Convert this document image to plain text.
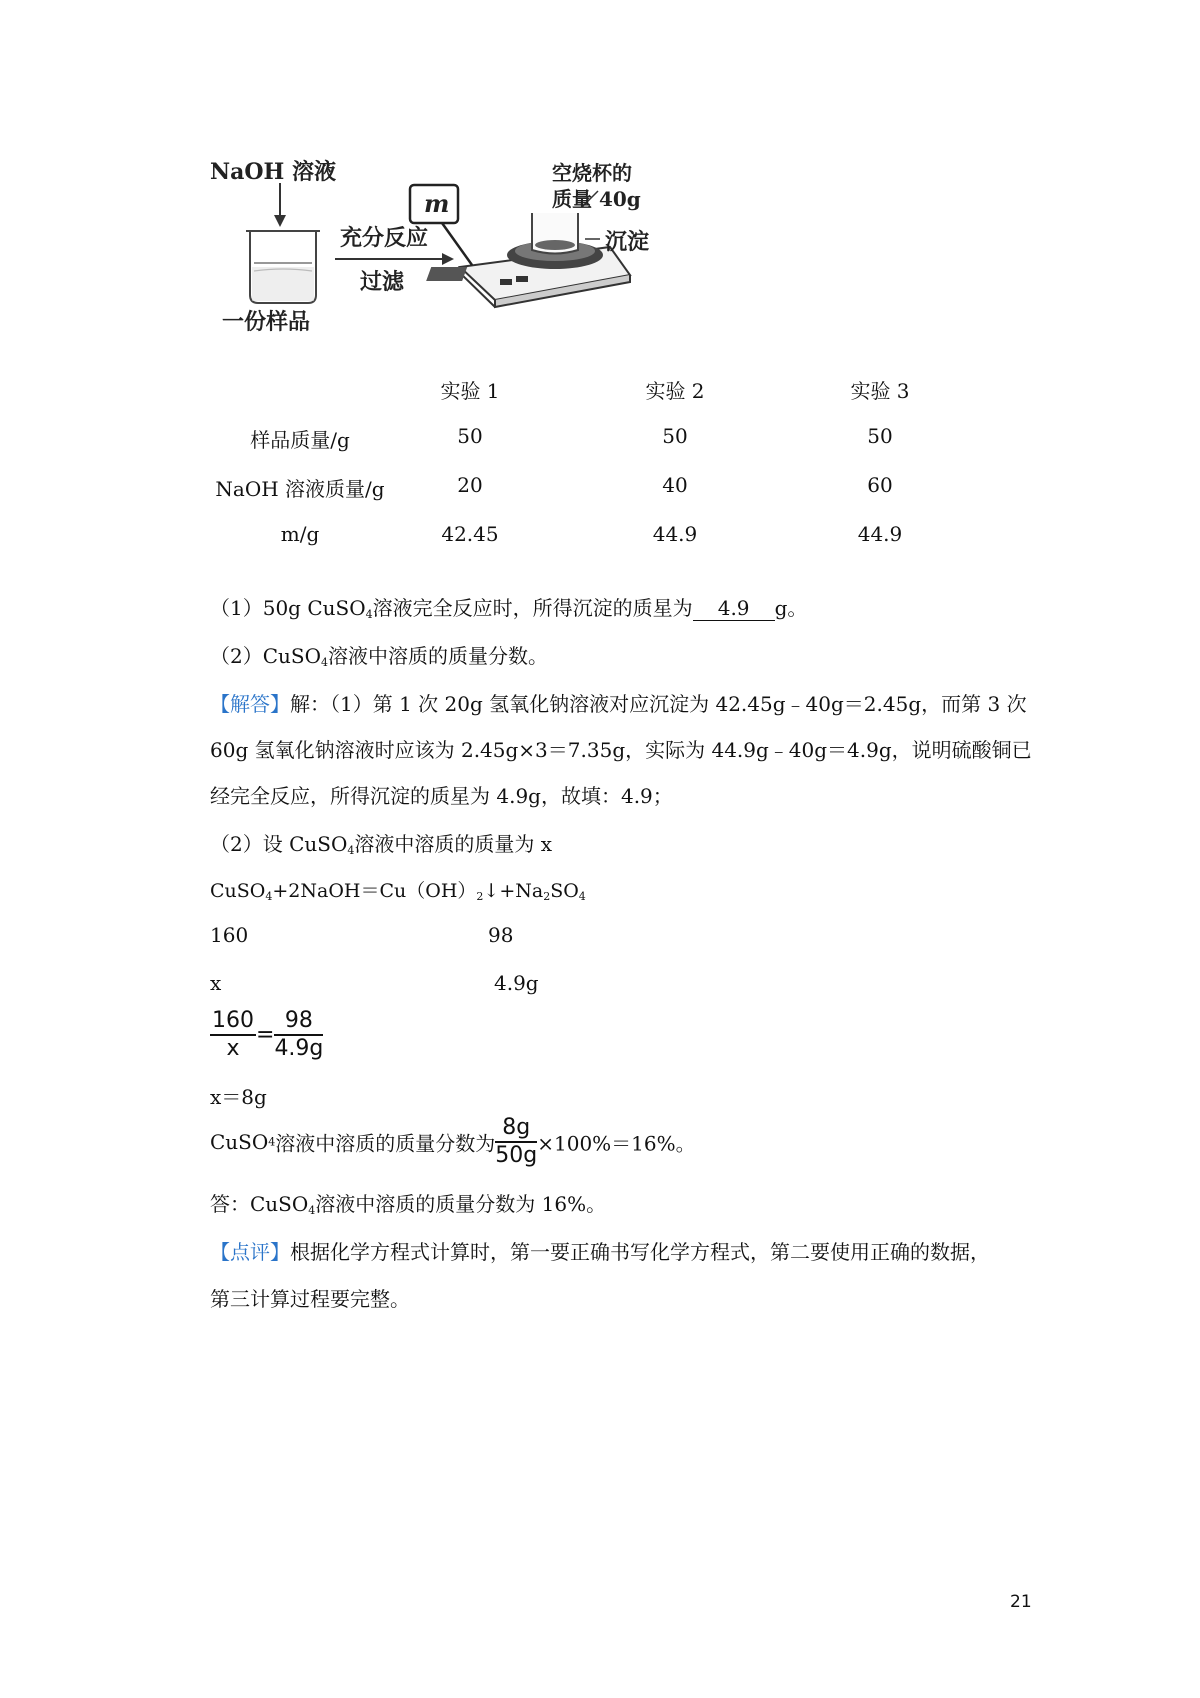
NaOH 溶液
一份样品
充分反应
过滤
m
空烧杯的
质量 40g
沉淀
实验 1	实验 2	实验 3
样品质量/g	50	50	50
NaOH 溶液质量/g	20	40	60
m/g	42.45	44.9	44.9
（1）50g CuSO$_4$溶液完全反应时，所得沉淀的质星为 4.9 g。
（2）CuSO$_4$溶液中溶质的质量分数。
【解答】解：（1）第 1 次 20g 氢氧化钠溶液对应沉淀为 42.45g﹣40g＝2.45g，而第 3 次
60g 氢氧化钠溶液时应该为 2.45g×3＝7.35g，实际为 44.9g﹣40g＝4.9g，说明硫酸铜已
经完全反应，所得沉淀的质星为 4.9g，故填：4.9；
（2）设 CuSO$_4$溶液中溶质的质量为 x
$CuSO_4+2NaOH=Cu(OH)_2↓+Na_2SO_4$
160	98
x	4.9g
$\frac{160}{x} = \frac{98}{4.9g}$
x＝8g
CuSO4溶液中溶质的质量分数为 $\frac{8g}{50g} \times 100\%=16\%$。
答：CuSO$_4$溶液中溶质的质量分数为 16%。
【点评】根据化学方程式计算时，第一要正确书写化学方程式，第二要使用正确的数据，
第三计算过程要完整。
21
